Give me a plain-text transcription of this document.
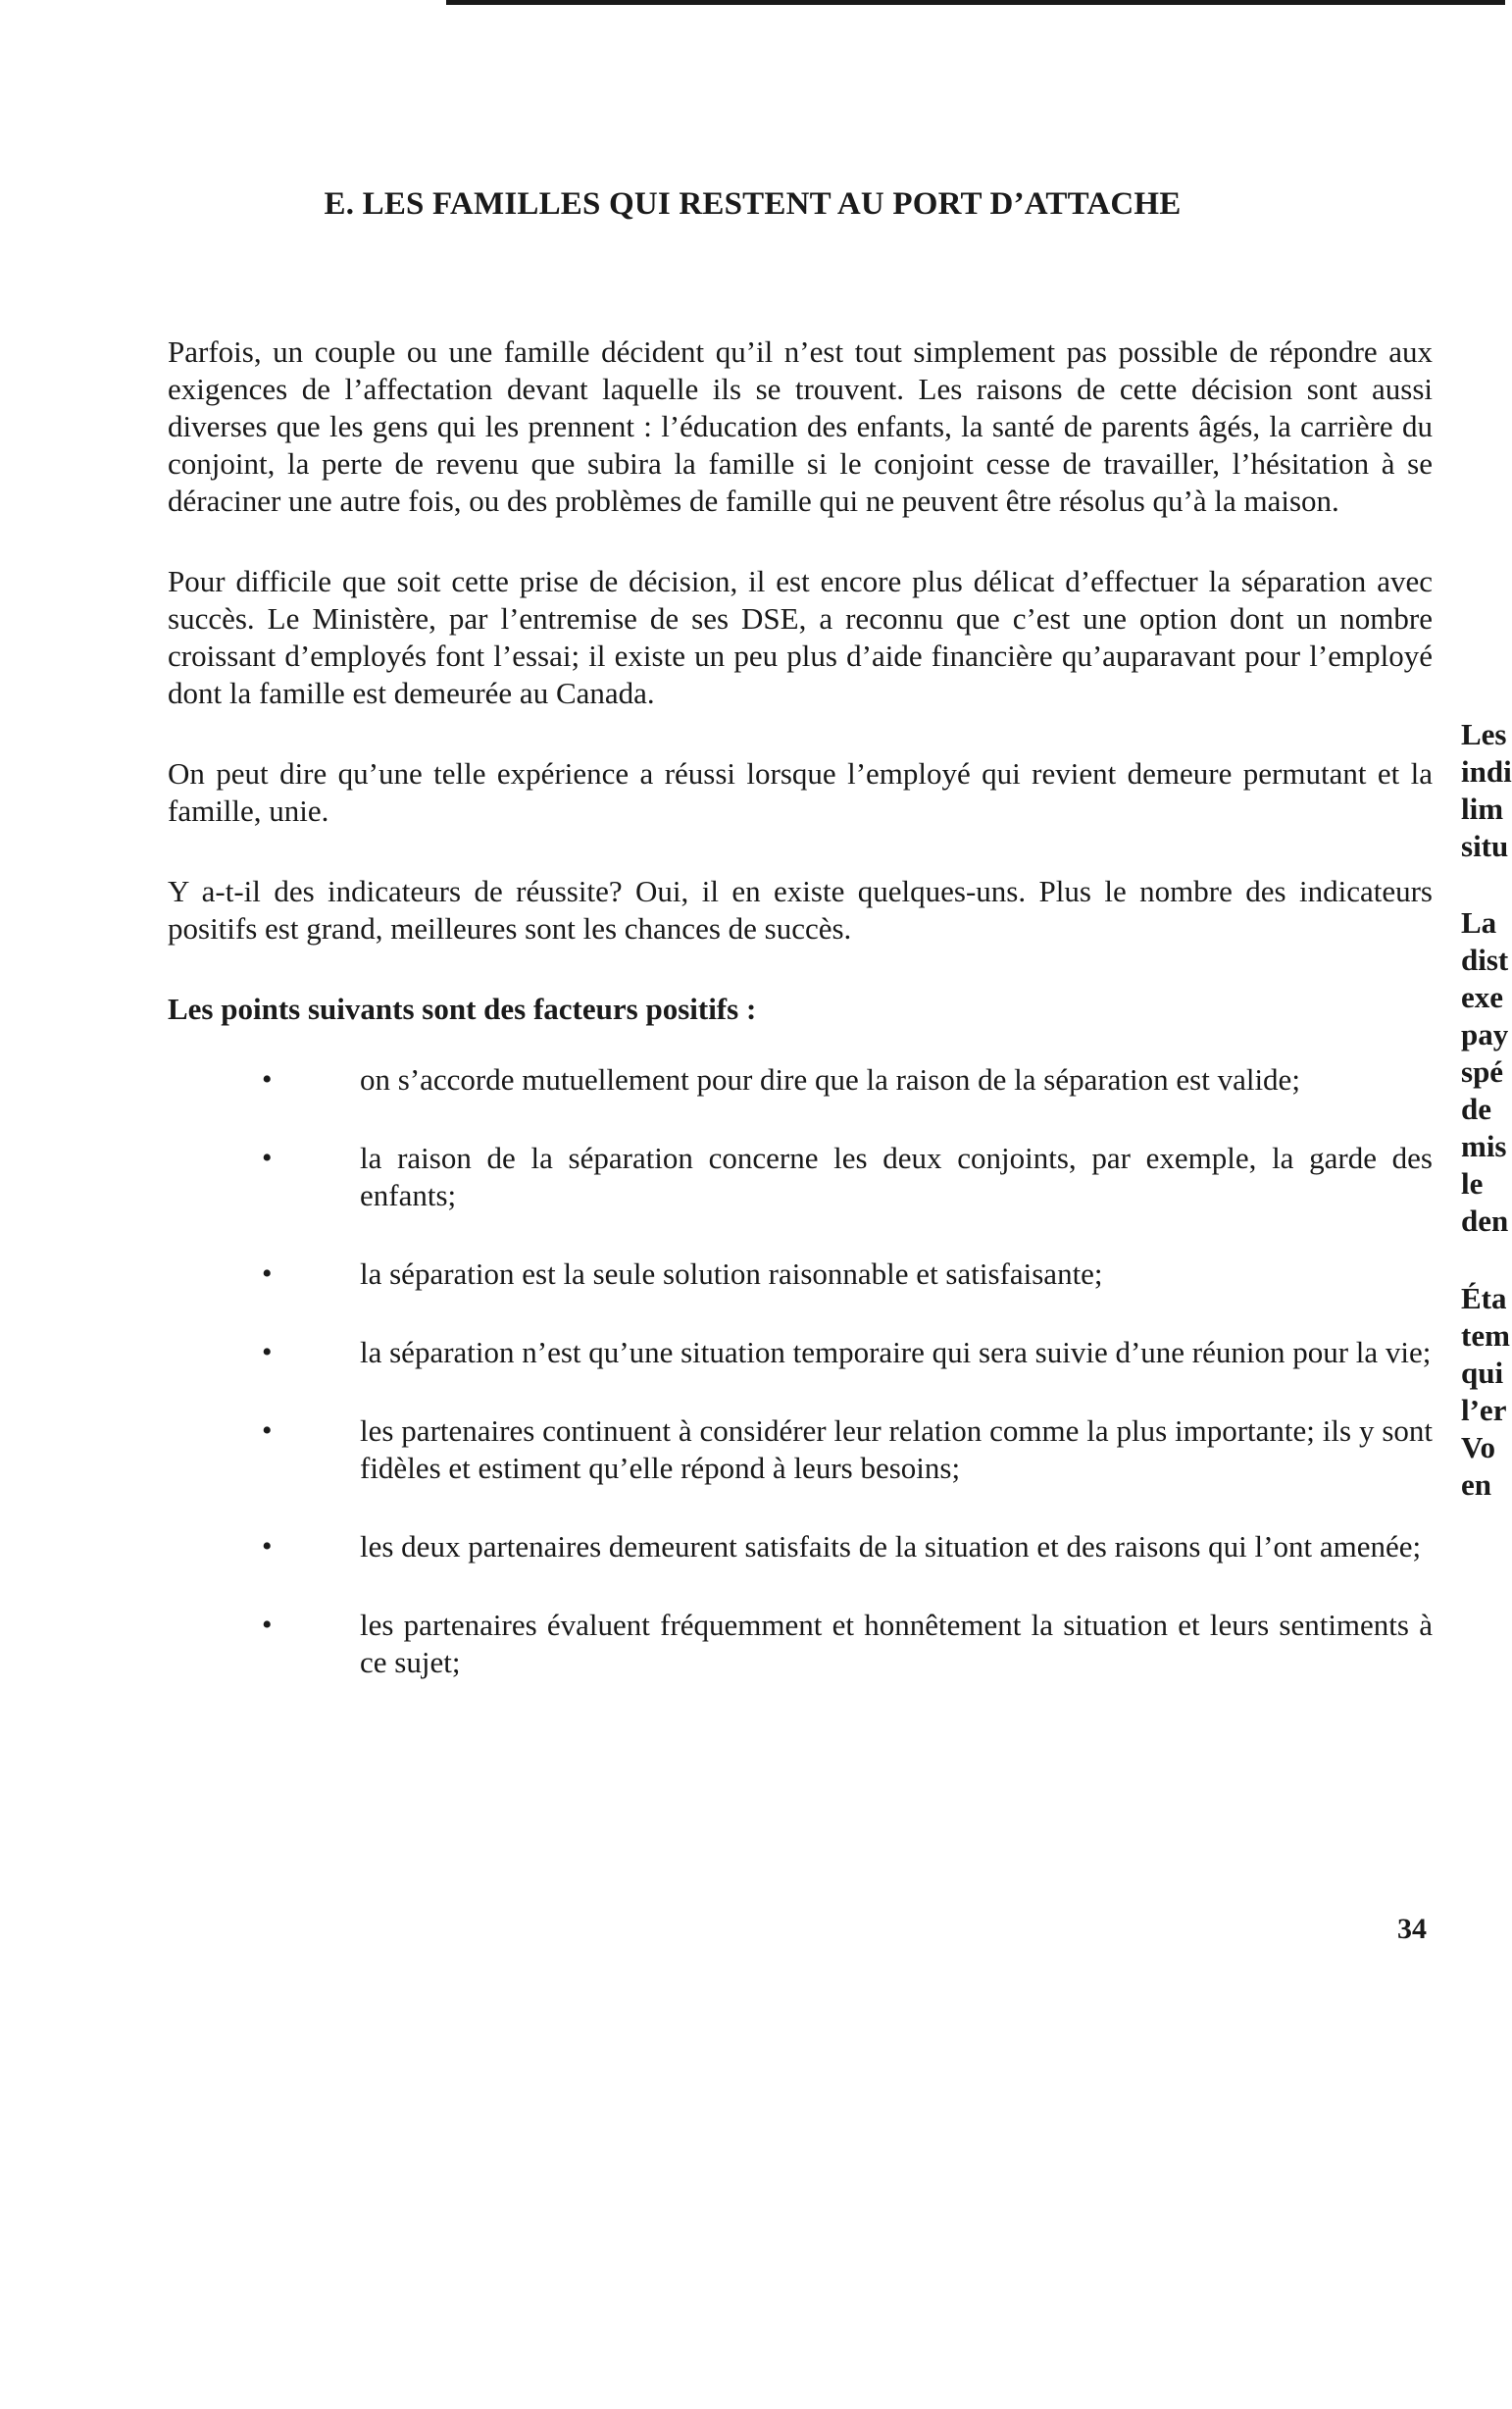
E. LES FAMILLES QUI RESTENT AU PORT D’ATTACHE

Parfois, un couple ou une famille décident qu’il n’est tout simplement pas possible de répondre aux exigences de l’affectation devant laquelle ils se trouvent. Les raisons de cette décision sont aussi diverses que les gens qui les prennent : l’éducation des enfants, la santé de parents âgés, la carrière du conjoint, la perte de revenu que subira la famille si le conjoint cesse de travailler, l’hésitation à se déraciner une autre fois, ou des problèmes de famille qui ne peuvent être résolus qu’à la maison.

Pour difficile que soit cette prise de décision, il est encore plus délicat d’effectuer la séparation avec succès. Le Ministère, par l’entremise de ses DSE, a reconnu que c’est une option dont un nombre croissant d’employés font l’essai; il existe un peu plus d’aide financière qu’auparavant pour l’employé dont la famille est demeurée au Canada.

On peut dire qu’une telle expérience a réussi lorsque l’employé qui revient demeure permutant et la famille, unie.

Y a-t-il des indicateurs de réussite? Oui, il en existe quelques-uns. Plus le nombre des indicateurs positifs est grand, meilleures sont les chances de succès.

Les points suivants sont des facteurs positifs :

•	on s’accorde mutuellement pour dire que la raison de la séparation est valide;
•	la raison de la séparation concerne les deux conjoints, par exemple, la garde des enfants;
•	la séparation est la seule solution raisonnable et satisfaisante;
•	la séparation n’est qu’une situation temporaire qui sera suivie d’une réunion pour la vie;
•	les partenaires continuent à considérer leur relation comme la plus importante; ils y sont fidèles et estiment qu’elle répond à leurs besoins;
•	les deux partenaires demeurent satisfaits de la situation et des raisons qui l’ont amenée;
•	les partenaires évaluent fréquemment et honnêtement la situation et leurs sentiments à ce sujet;
Les
indi
lim
situ
La
dist
exe
pay
spé
de
mis
le
den
Éta
tem
qui
l’er
Vo
en
34
